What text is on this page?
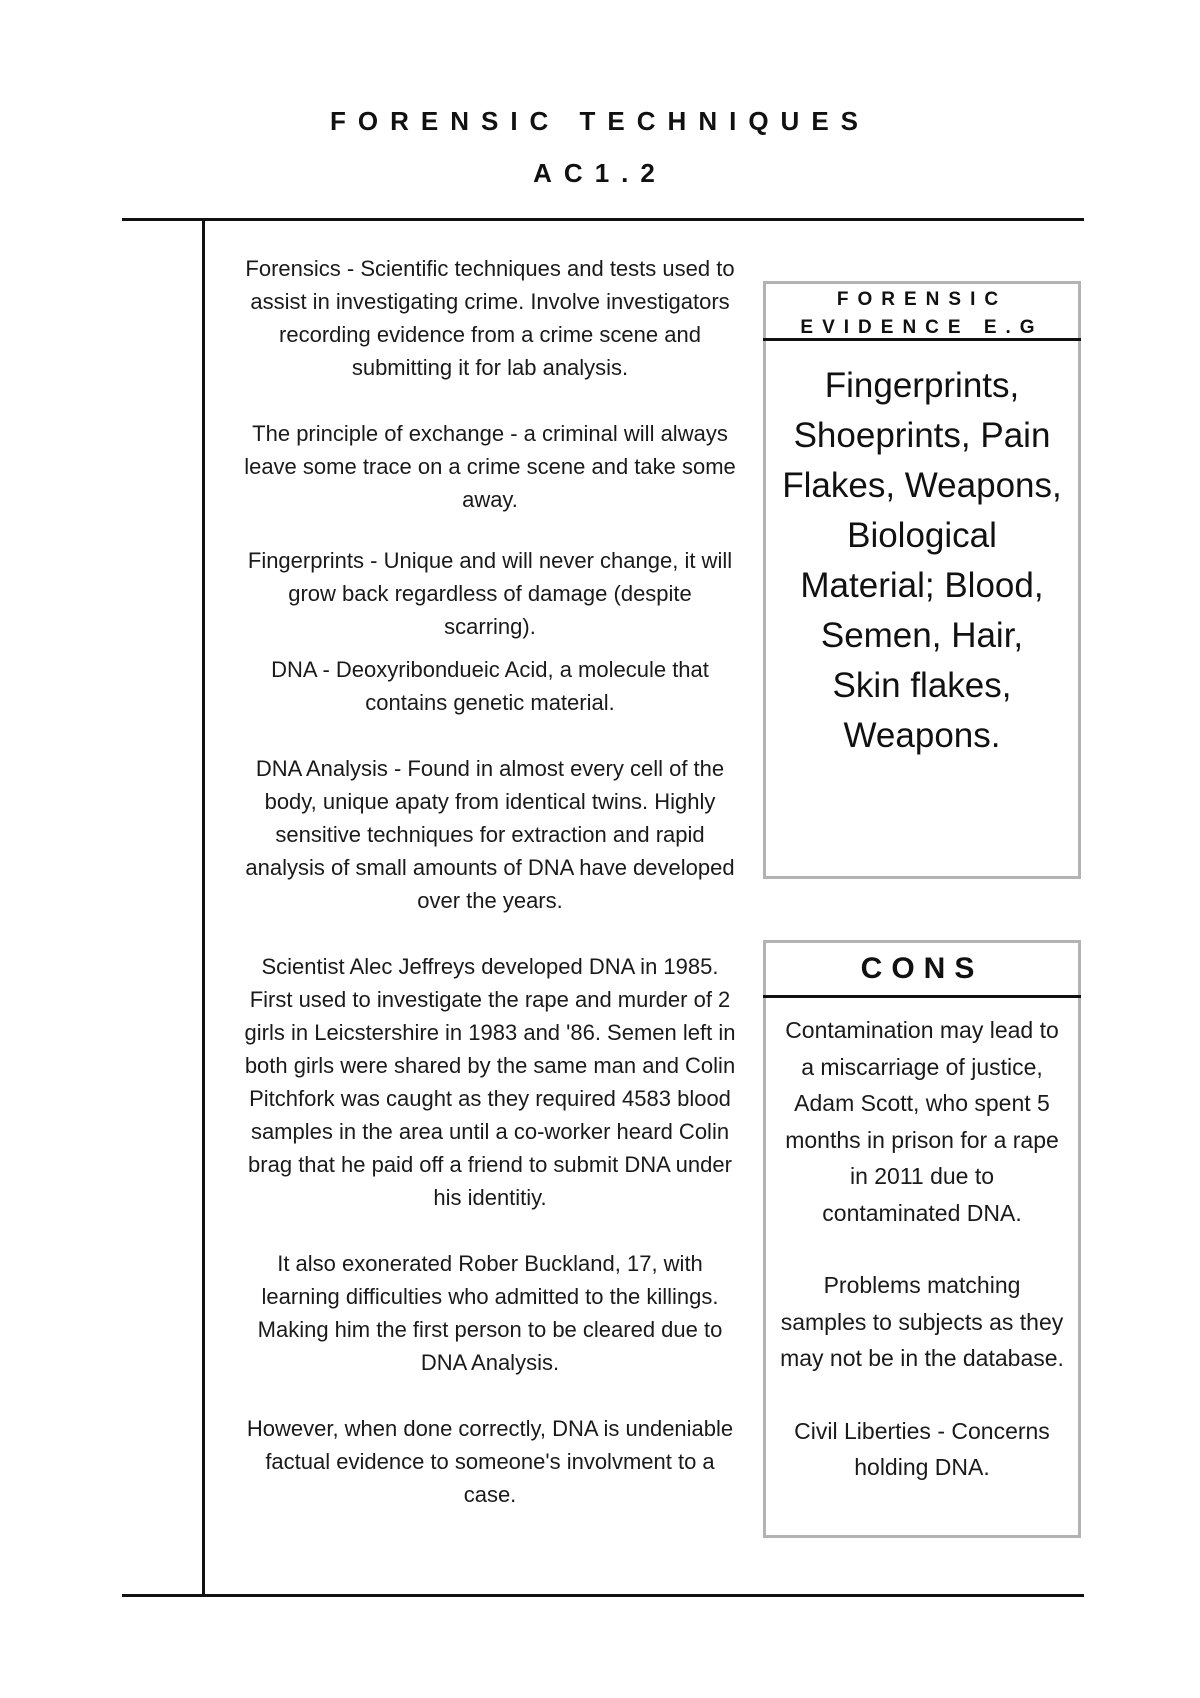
FORENSIC TECHNIQUES
AC1.2

Forensics - Scientific techniques and tests used to assist in investigating crime. Involve investigators recording evidence from a crime scene and submitting it for lab analysis.

The principle of exchange - a criminal will always leave some trace on a crime scene and take some away.

Fingerprints - Unique and will never change, it will grow back regardless of damage (despite scarring).

DNA - Deoxyribondueic Acid, a molecule that contains genetic material.

DNA Analysis - Found in almost every cell of the body, unique apaty from identical twins. Highly sensitive techniques for extraction and rapid analysis of small amounts of DNA have developed over the years.

Scientist Alec Jeffreys developed DNA in 1985. First used to investigate the rape and murder of 2 girls in Leicstershire in 1983 and '86. Semen left in both girls were shared by the same man and Colin Pitchfork was caught as they required 4583 blood samples in the area until a co-worker heard Colin brag that he paid off a friend to submit DNA under his identitiy.

It also exonerated Rober Buckland, 17, with learning difficulties who admitted to the killings. Making him the first person to be cleared due to DNA Analysis.

However, when done correctly, DNA is undeniable factual evidence to someone's involvment to a case.

FORENSIC EVIDENCE E.G
Fingerprints, Shoeprints, Pain Flakes, Weapons, Biological Material; Blood, Semen, Hair, Skin flakes, Weapons.
CONS

Contamination may lead to a miscarriage of justice, Adam Scott, who spent 5 months in prison for a rape in 2011 due to contaminated DNA.

Problems matching samples to subjects as they may not be in the database.

Civil Liberties - Concerns holding DNA.
